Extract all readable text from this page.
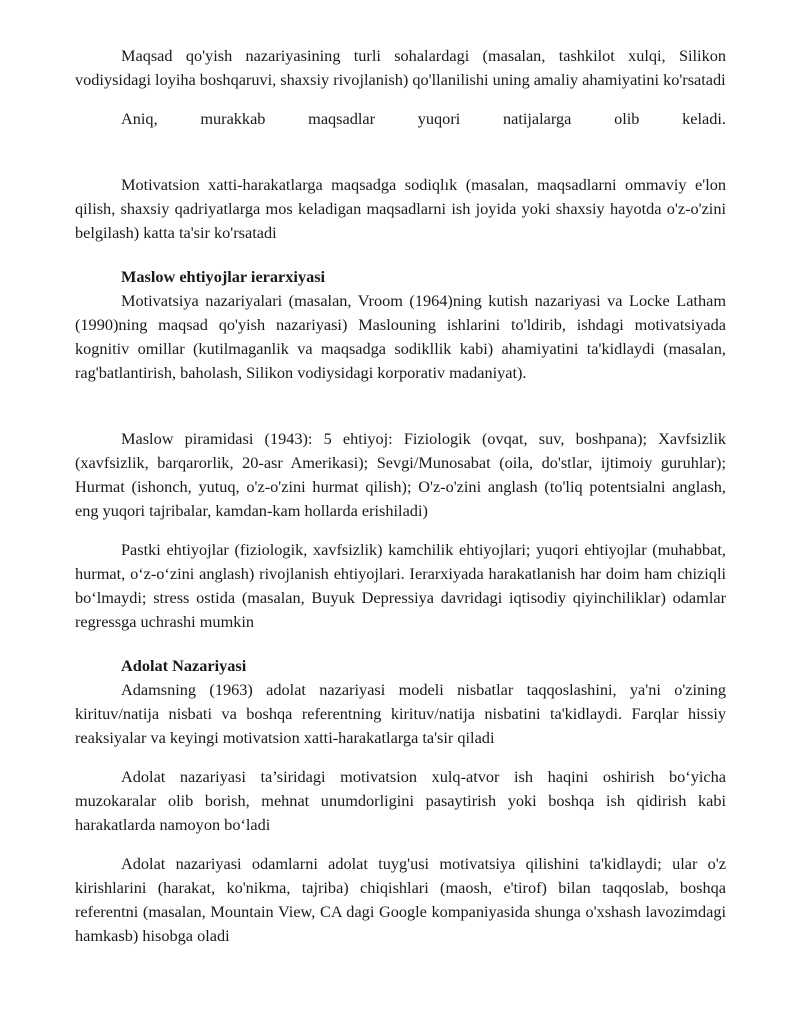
Maqsad qo'yish nazariyasining turli sohalardagi (masalan, tashkilot xulqi, Silikon vodiysidagi loyiha boshqaruvi, shaxsiy rivojlanish) qo'llanilishi uning amaliy ahamiyatini ko'rsatadi

Aniq, murakkab maqsadlar yuqori natijalarga olib keladi.

Motivatsion xatti-harakatlarga maqsadga sodiqlık (masalan, maqsadlarni ommaviy e'lon qilish, shaxsiy qadriyatlarga mos keladigan maqsadlarni ish joyida yoki shaxsiy hayotda o'z-o'zini belgilash) katta ta'sir ko'rsatadi

Maslow ehtiyojlar ierarxiyasi

Motivatsiya nazariyalari (masalan, Vroom (1964)ning kutish nazariyasi va Locke Latham (1990)ning maqsad qo'yish nazariyasi) Maslouning ishlarini to'ldirib, ishdagi motivatsiyada kognitiv omillar (kutilmaganlik va maqsadga sodikllik kabi) ahamiyatini ta'kidlaydi (masalan, rag'batlantirish, baholash, Silikon vodiysidagi korporativ madaniyat).

Maslow piramidasi (1943): 5 ehtiyoj: Fiziologik (ovqat, suv, boshpana); Xavfsizlik (xavfsizlik, barqarorlik, 20-asr Amerikasi); Sevgi/Munosabat (oila, do'stlar, ijtimoiy guruhlar); Hurmat (ishonch, yutuq, o'z-o'zini hurmat qilish); O'z-o'zini anglash (to'liq potentsialni anglash, eng yuqori tajribalar, kamdan-kam hollarda erishiladi)

Pastki ehtiyojlar (fiziologik, xavfsizlik) kamchilik ehtiyojlari; yuqori ehtiyojlar (muhabbat, hurmat, o‘z-o‘zini anglash) rivojlanish ehtiyojlari. Ierarxiyada harakatlanish har doim ham chiziqli bo‘lmaydi; stress ostida (masalan, Buyuk Depressiya davridagi iqtisodiy qiyinchiliklar) odamlar regressga uchrashi mumkin

Adolat Nazariyasi

Adamsning (1963) adolat nazariyasi modeli nisbatlar taqqoslashini, ya'ni o'zining kirituv/natija nisbati va boshqa referentning kirituv/natija nisbatini ta'kidlaydi. Farqlar hissiy reaksiyalar va keyingi motivatsion xatti-harakatlarga ta'sir qiladi

Adolat nazariyasi ta’siridagi motivatsion xulq-atvor ish haqini oshirish bo‘yicha muzokaralar olib borish, mehnat unumdorligini pasaytirish yoki boshqa ish qidirish kabi harakatlarda namoyon bo‘ladi

Adolat nazariyasi odamlarni adolat tuyg'usi motivatsiya qilishini ta'kidlaydi; ular o'z kirishlarini (harakat, ko'nikma, tajriba) chiqishlari (maosh, e'tirof) bilan taqqoslab, boshqa referentni (masalan, Mountain View, CA dagi Google kompaniyasida shunga o'xshash lavozimdagi hamkasb) hisobga oladi
